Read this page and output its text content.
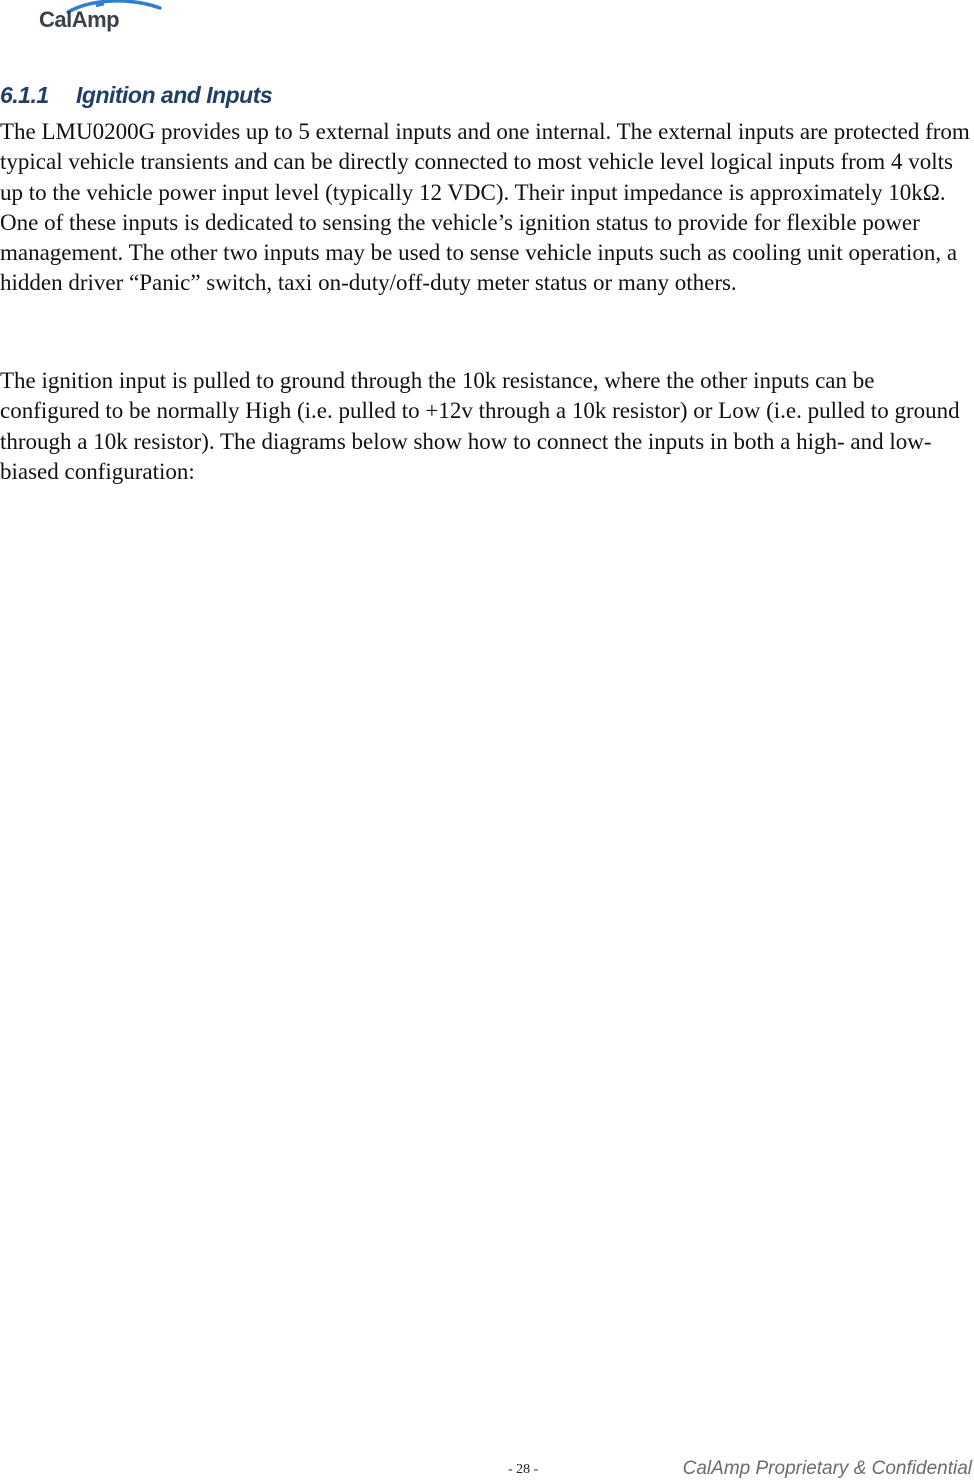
CalAmp
6.1.1 Ignition and Inputs

The LMU0200G provides up to 5 external inputs and one internal. The external inputs are protected from typical vehicle transients and can be directly connected to most vehicle level logical inputs from 4 volts up to the vehicle power input level (typically 12 VDC). Their input impedance is approximately 10kΩ. One of these inputs is dedicated to sensing the vehicle’s ignition status to provide for flexible power management. The other two inputs may be used to sense vehicle inputs such as cooling unit operation, a hidden driver “Panic” switch, taxi on-duty/off-duty meter status or many others.

The ignition input is pulled to ground through the 10k resistance, where the other inputs can be configured to be normally High (i.e. pulled to +12v through a 10k resistor) or Low (i.e. pulled to ground through a 10k resistor). The diagrams below show how to connect the inputs in both a high- and low-biased configuration:

- 28 -	CalAmp Proprietary & Confidential
